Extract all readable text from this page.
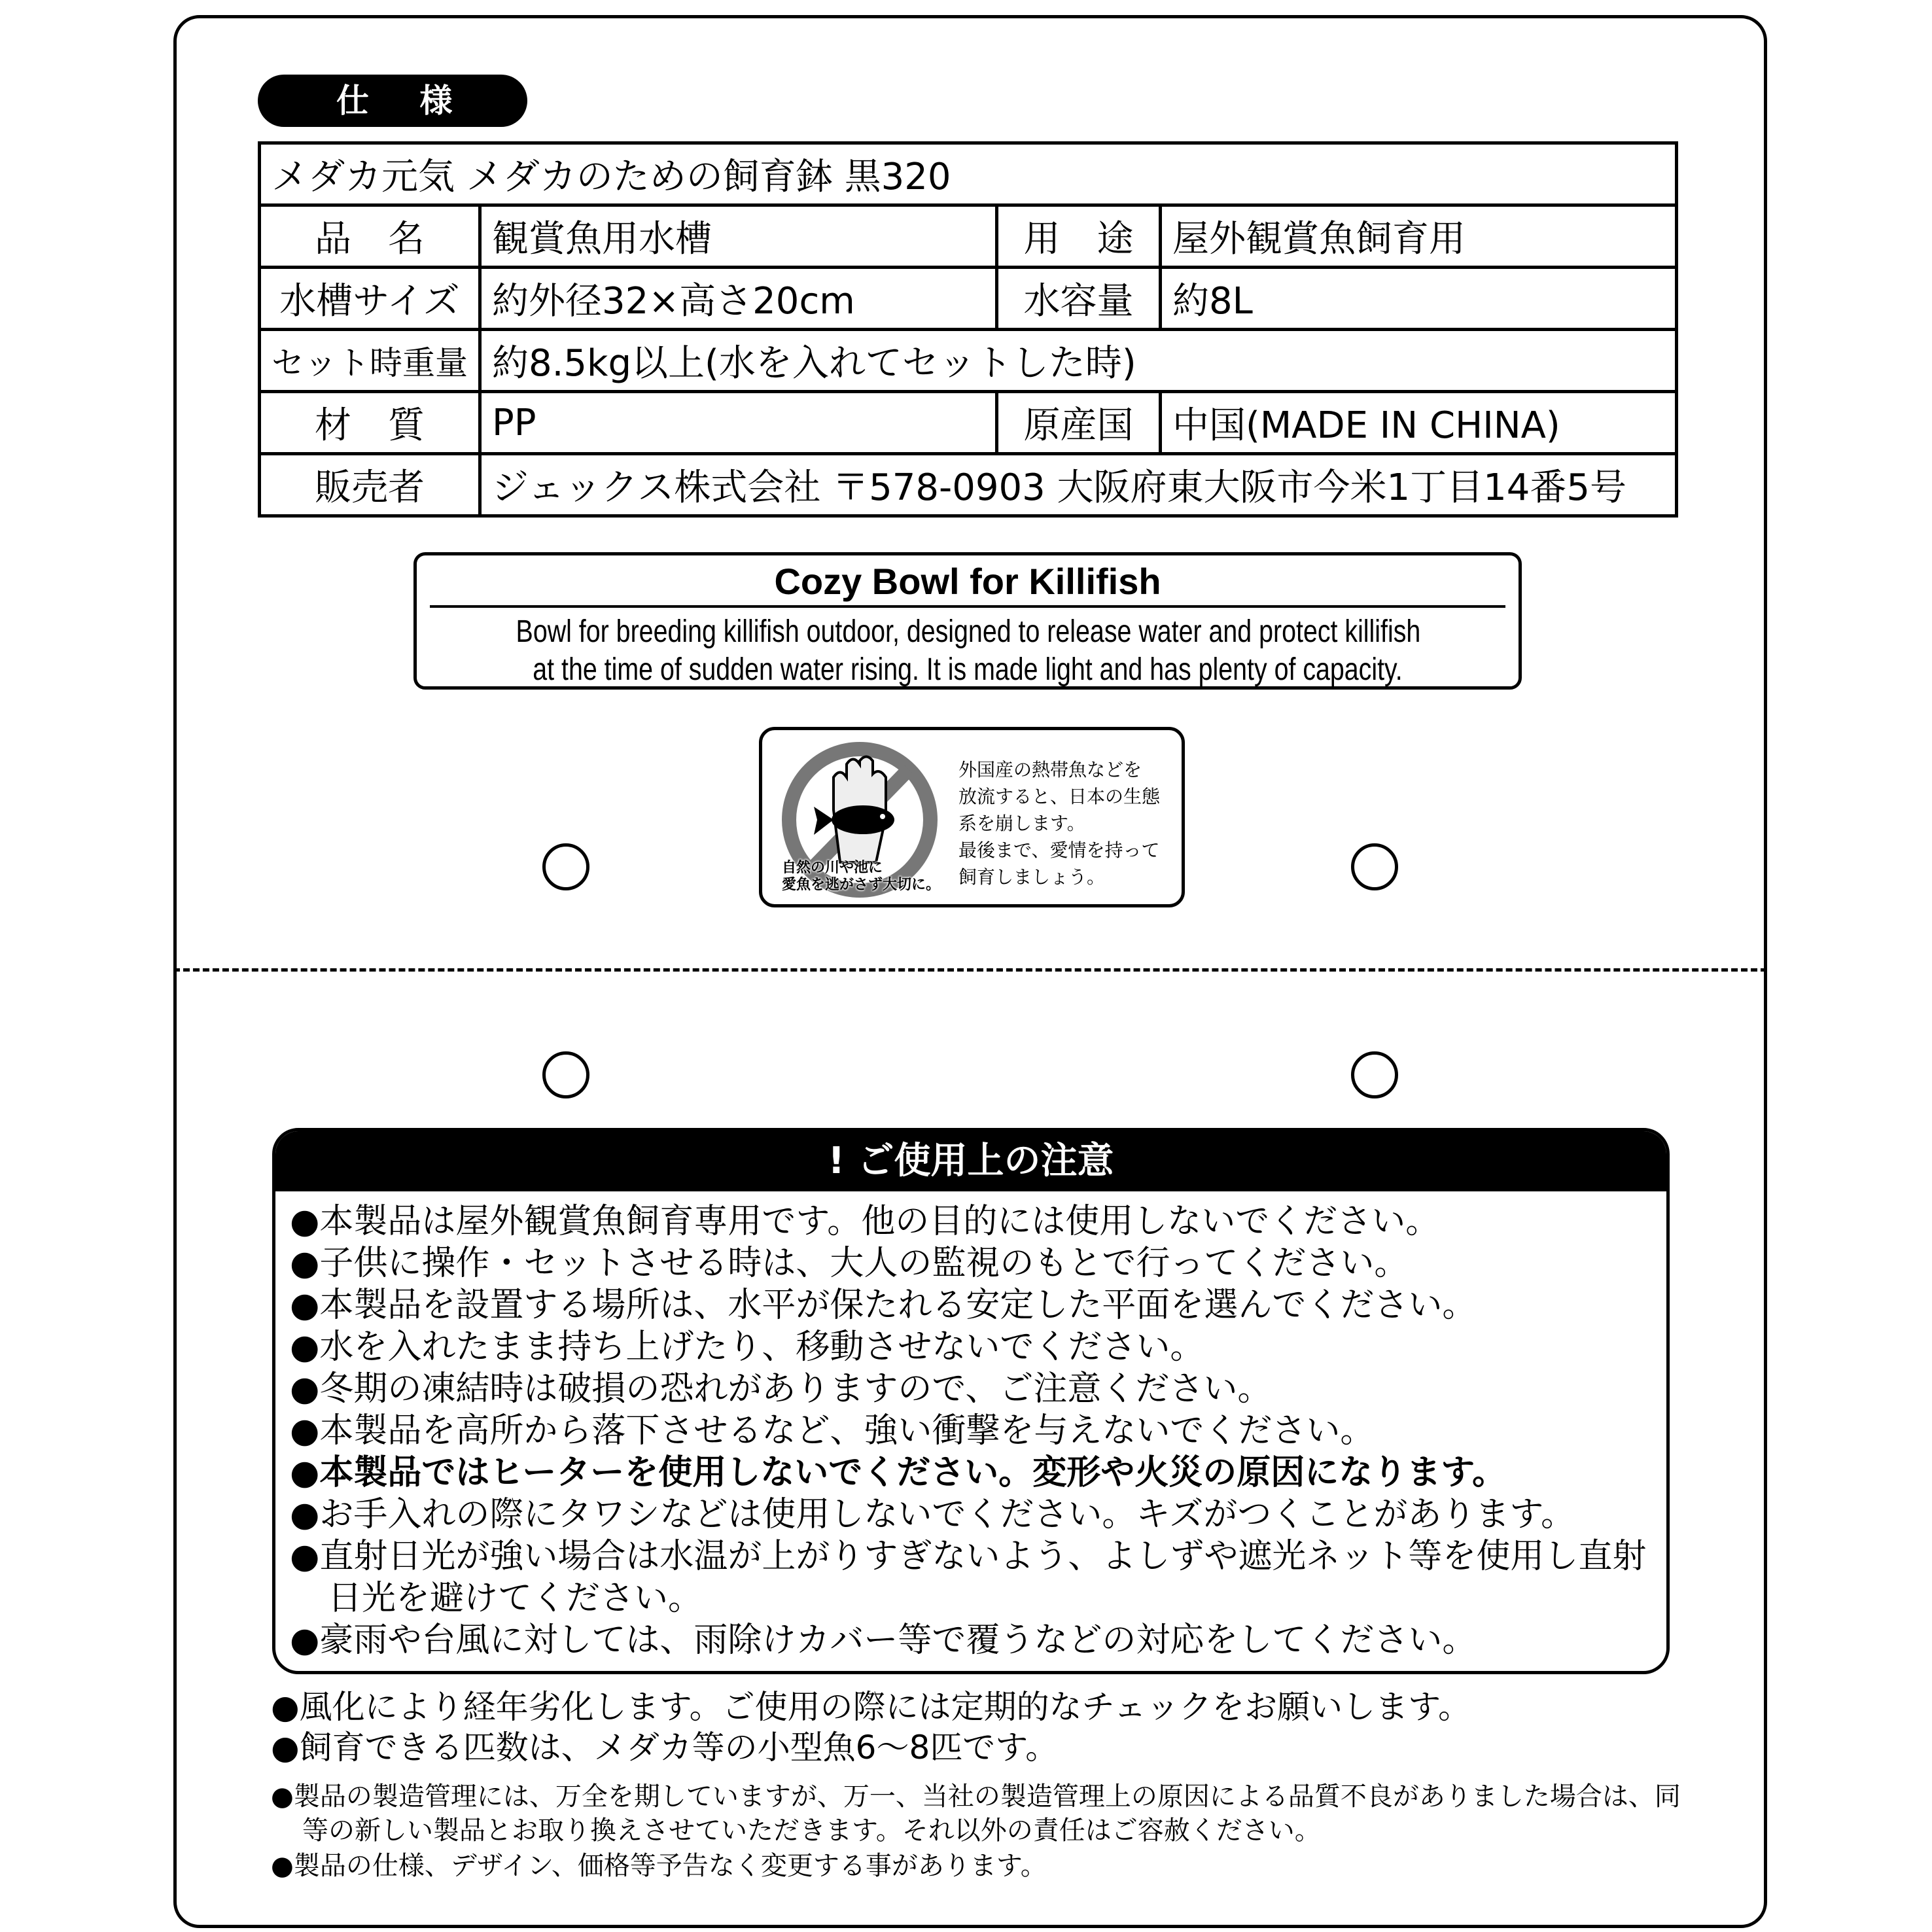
仕 様
メダカ元気 メダカのための飼育鉢 黒320			
品　名	観賞魚用水槽	用　途	屋外観賞魚飼育用
水槽サイズ	約外径32×高さ20cm	水容量	約8L
セット時重量	約8.5kg以上(水を入れてセットした時)		
材　質	PP	原産国	中国(MADE IN CHINA)
販売者	ジェックス株式会社 〒578-0903 大阪府東大阪市今米1丁目14番5号		
Cozy Bowl for Killifish
Bowl for breeding killifish outdoor, designed to release water and protect killifish
at the time of sudden water rising. It is made light and has plenty of capacity.
自然の川や池に
愛魚を逃がさず大切に。
外国産の熱帯魚などを
放流すると、日本の生態
系を崩します。
最後まで、愛情を持って
飼育しましょう。
! ご使用上の注意
●本製品は屋外観賞魚飼育専用です。他の目的には使用しないでください。
●子供に操作・セットさせる時は、大人の監視のもとで行ってください。
●本製品を設置する場所は、水平が保たれる安定した平面を選んでください。
●水を入れたまま持ち上げたり、移動させないでください。
●冬期の凍結時は破損の恐れがありますので、ご注意ください。
●本製品を高所から落下させるなど、強い衝撃を与えないでください。
●本製品ではヒーターを使用しないでください。変形や火災の原因になります。
●お手入れの際にタワシなどは使用しないでください。キズがつくことがあります。
●直射日光が強い場合は水温が上がりすぎないよう、よしずや遮光ネット等を使用し直射日光を避けてください。
●豪雨や台風に対しては、雨除けカバー等で覆うなどの対応をしてください。
●風化により経年劣化します。ご使用の際には定期的なチェックをお願いします。
●飼育できる匹数は、メダカ等の小型魚6～8匹です。
●製品の製造管理には、万全を期していますが、万一、当社の製造管理上の原因による品質不良がありました場合は、同等の新しい製品とお取り換えさせていただきます。それ以外の責任はご容赦ください。
●製品の仕様、デザイン、価格等予告なく変更する事があります。
